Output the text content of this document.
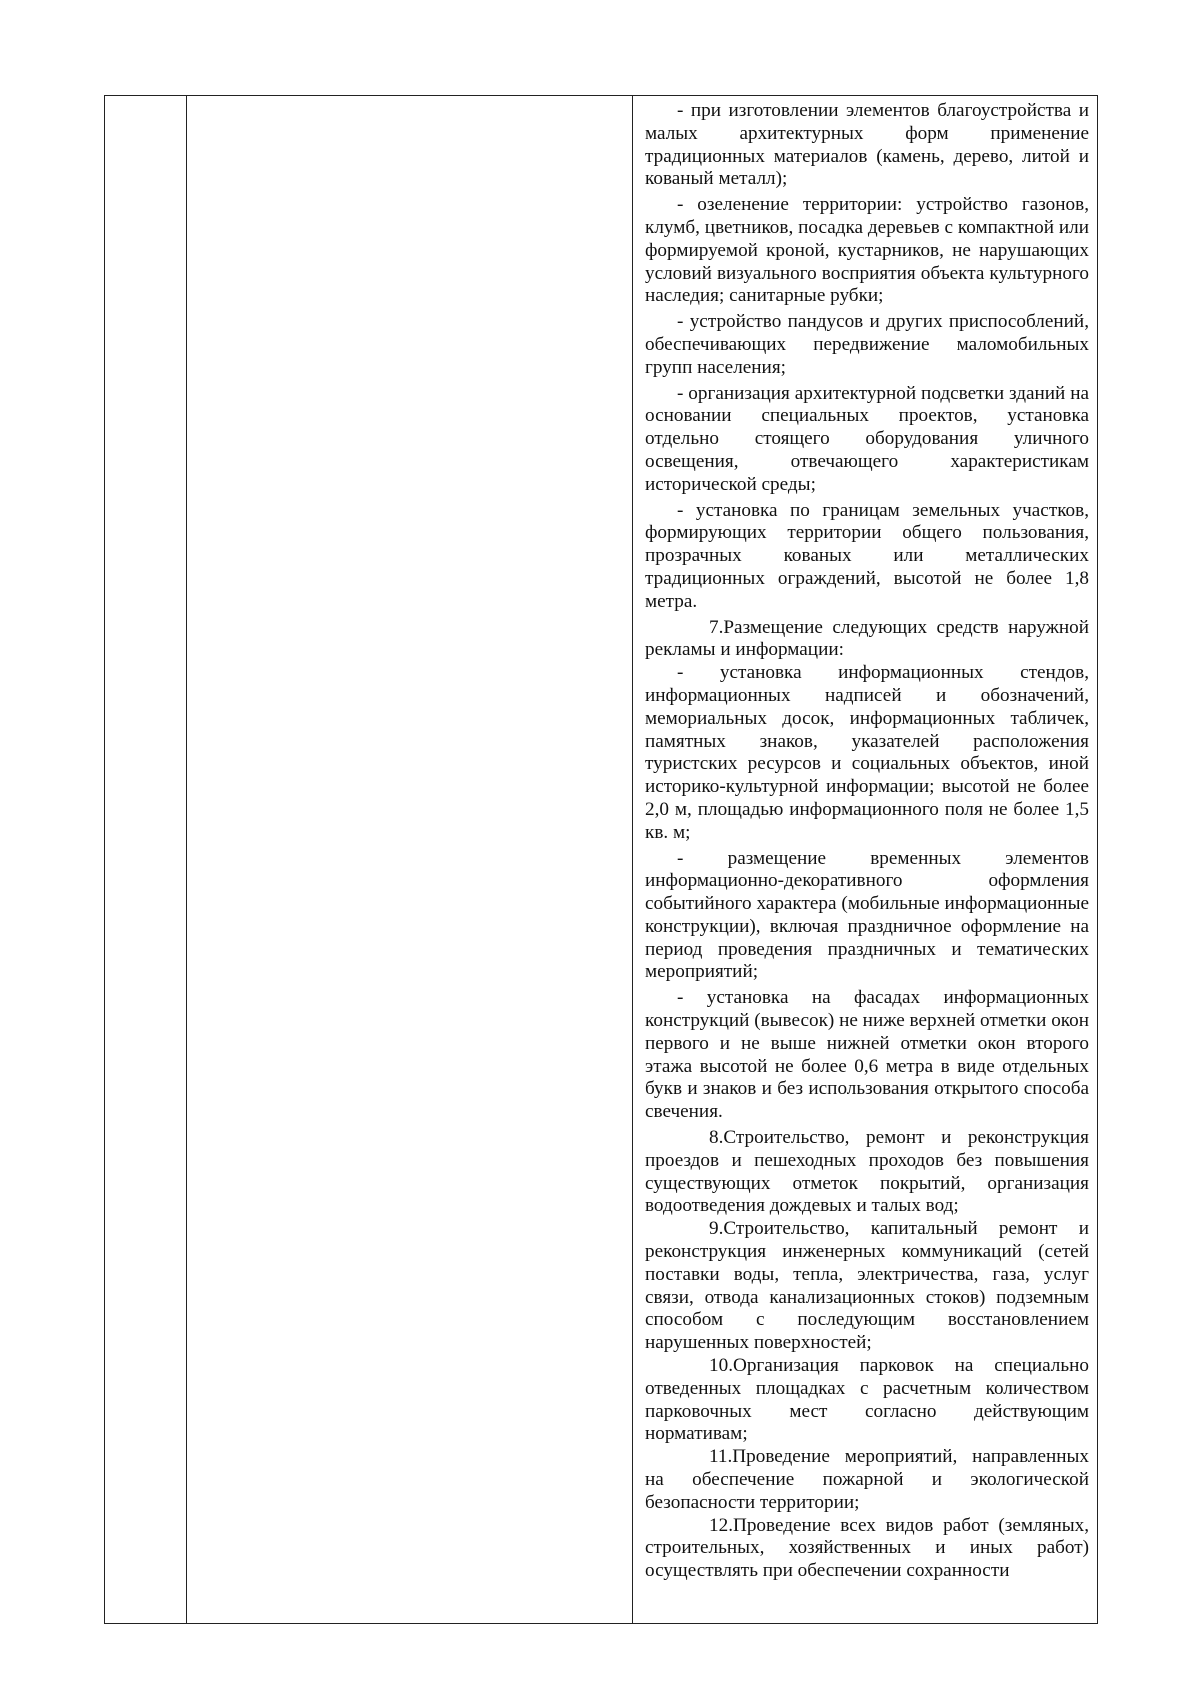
- при изготовлении элементов благоустройства и малых архитектурных форм применение традиционных материалов (камень, дерево, литой и кованый металл);

- озеленение территории: устройство газонов, клумб, цветников, посадка деревьев с компактной или формируемой кроной, кустарников, не нарушающих условий визуального восприятия объекта культурного наследия; санитарные рубки;

- устройство пандусов и других приспособлений, обеспечивающих передвижение маломобильных групп населения;

- организация архитектурной подсветки зданий на основании специальных проектов, установка отдельно стоящего оборудования уличного освещения, отвечающего характеристикам исторической среды;

- установка по границам земельных участков, формирующих территории общего пользования, прозрачных кованых или металлических традиционных ограждений, высотой не более 1,8 метра.

7.Размещение следующих средств наружной рекламы и информации:

- установка информационных стендов, информационных надписей и обозначений, мемориальных досок, информационных табличек, памятных знаков, указателей расположения туристских ресурсов и социальных объектов, иной историко-культурной информации; высотой не более 2,0 м, площадью информационного поля не более 1,5 кв. м;

- размещение временных элементов информационно-декоративного оформления событийного характера (мобильные информационные конструкции), включая праздничное оформление на период проведения праздничных и тематических мероприятий;

- установка на фасадах информационных конструкций (вывесок) не ниже верхней отметки окон первого и не выше нижней отметки окон второго этажа высотой не более 0,6 метра в виде отдельных букв и знаков и без использования открытого способа свечения.

8.Строительство, ремонт и реконструкция проездов и пешеходных проходов без повышения существующих отметок покрытий, организация водоотведения дождевых и талых вод;

9.Строительство, капитальный ремонт и реконструкция инженерных коммуникаций (сетей поставки воды, тепла, электричества, газа, услуг связи, отвода канализационных стоков) подземным способом с последующим восстановлением нарушенных поверхностей;

10.Организация парковок на специально отведенных площадках с расчетным количеством парковочных мест согласно действующим нормативам;

11.Проведение мероприятий, направленных на обеспечение пожарной и экологической безопасности территории;

12.Проведение всех видов работ (земляных, строительных, хозяйственных и иных работ) осуществлять при обеспечении сохранности
